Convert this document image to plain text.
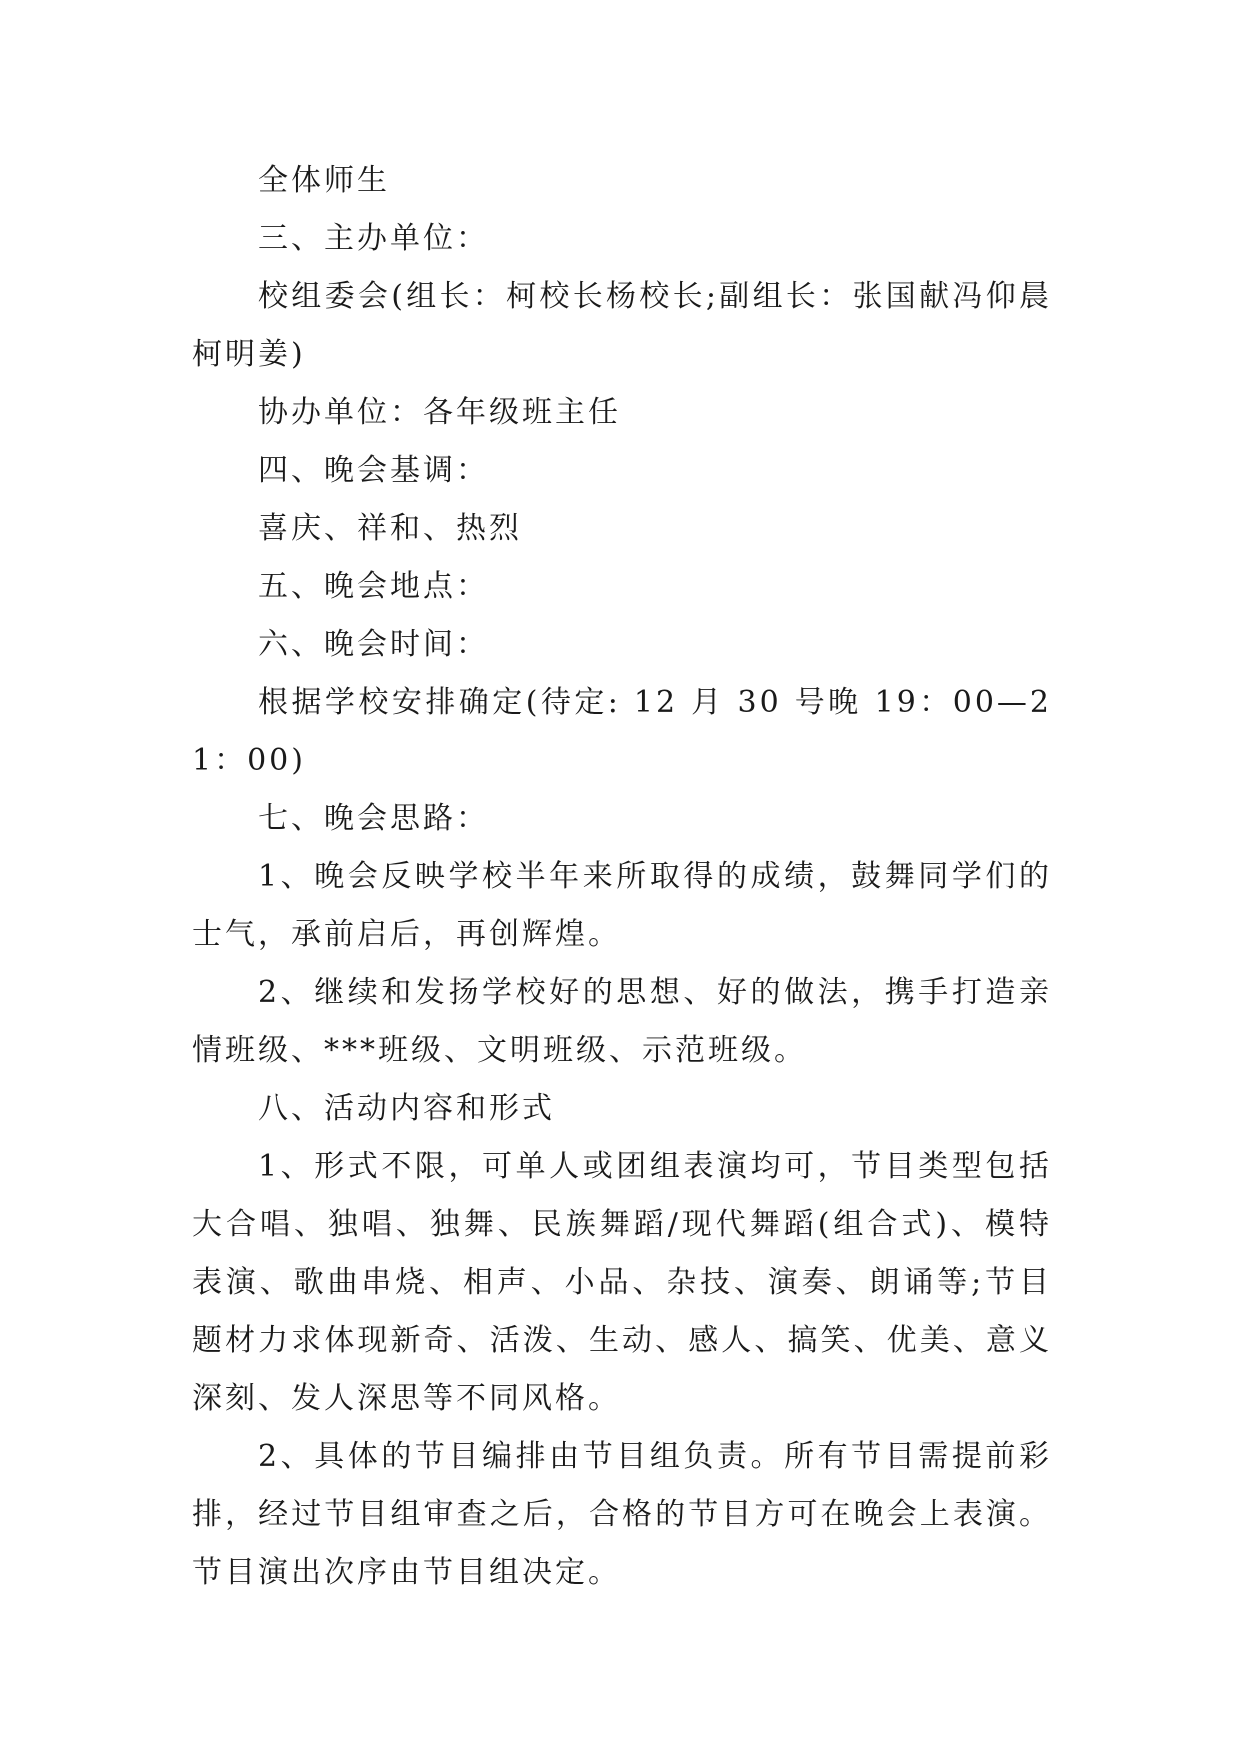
全体师生

三、主办单位：

校组委会(组长：柯校长杨校长;副组长：张国献冯仰晨柯明姜)

协办单位：各年级班主任

四、晚会基调：

喜庆、祥和、热烈

五、晚会地点：

六、晚会时间：

根据学校安排确定(待定: 12 月 30 号晚 19：00—21：00)

七、晚会思路：

1、晚会反映学校半年来所取得的成绩，鼓舞同学们的士气，承前启后，再创辉煌。

2、继续和发扬学校好的思想、好的做法，携手打造亲情班级、***班级、文明班级、示范班级。

八、活动内容和形式

1、形式不限，可单人或团组表演均可，节目类型包括大合唱、独唱、独舞、民族舞蹈/现代舞蹈(组合式)、模特表演、歌曲串烧、相声、小品、杂技、演奏、朗诵等;节目题材力求体现新奇、活泼、生动、感人、搞笑、优美、意义深刻、发人深思等不同风格。

2、具体的节目编排由节目组负责。所有节目需提前彩排，经过节目组审查之后，合格的节目方可在晚会上表演。节目演出次序由节目组决定。
